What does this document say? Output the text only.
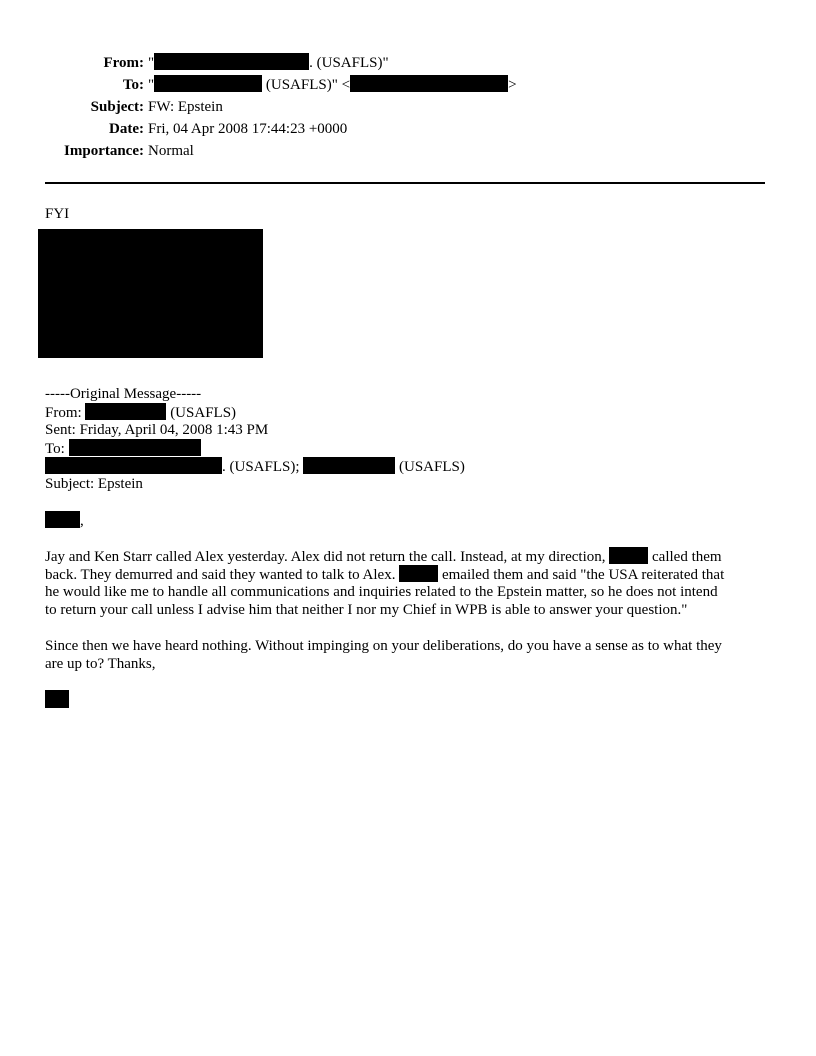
From: "	. (USAFLS)"
To: "	(USAFLS)" <	>
Subject: FW: Epstein
Date: Fri, 04 Apr 2008 17:44:23 +0000
Importance: Normal
FYI
-----Original Message-----
From:	(USAFLS)
Sent: Friday, April 04, 2008 1:43 PM
To:
. (USAFLS);	(USAFLS)
Subject: Epstein
,
Jay and Ken Starr called Alex yesterday. Alex did not return the call. Instead, at my direction,	called them
back. They demurred and said they wanted to talk to Alex.	emailed them and said "the USA reiterated that
he would like me to handle all communications and inquiries related to the Epstein matter, so he does not intend
to return your call unless I advise him that neither I nor my Chief in WPB is able to answer your question."
Since then we have heard nothing. Without impinging on your deliberations, do you have a sense as to what they
are up to? Thanks,
